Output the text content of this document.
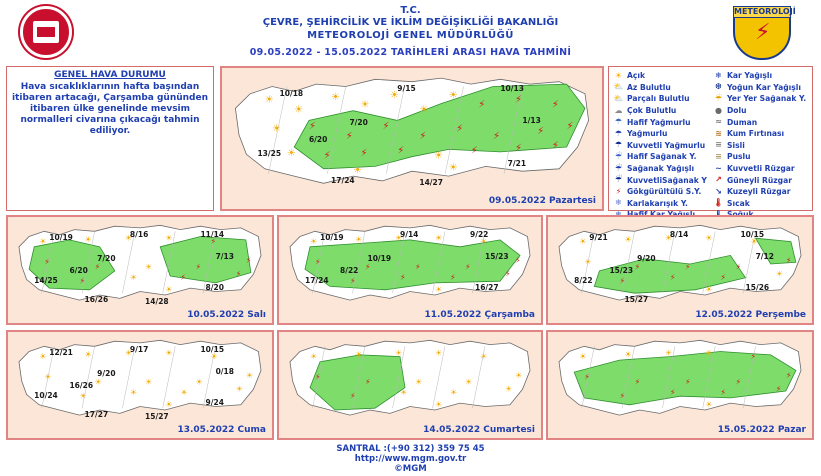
T.C.
ÇEVRE, ŞEHİRCİLİK VE İKLİM DEĞİŞİKLİĞİ BAKANLIĞI
METEOROLOJİ GENEL MÜDÜRLÜĞÜ
09.05.2022 - 15.05.2022 TARİHLERİ ARASI HAVA TAHMİNİ
⚡
METEOROLOJİ
GENEL HAVA DURUMU
Hava sıcaklıklarının hafta başından itibaren artacağı, Çarşamba gününden itibaren ülke genelinde mevsim normalleri civarına çıkacağı tahmin ediliyor.
☀
☀
☀
☀
☀
☀
☀
⚡	⚡	⚡
☀	⚡
⚡
⚡
⚡
⚡
⚡	⚡ ⚡
☀	⚡	⚡	⚡	☀	⚡	⚡	⚡
☀	☀
09.05.2022 Pazartesi
10/18
9/15	10/13
7/20	1/13
6/20
13/25
7/21
17/24	14/27
☀ Açık
⛅ Az Bulutlu
⛅ Parçalı Bulutlu
☁ Çok Bulutlu
☂ Hafif Yağmurlu
☂ Yağmurlu
☂ Kuvvetli Yağmurlu
☔ Hafif Sağanak Y.
☔ Sağanak Yağışlı
☔ KuvvetliSağanak Y
⚡ Gökgürültülü S.Y.
❄ Karlakarışık Y.
❄ Kar Yağışlı
❆ Yoğun Kar Yağışlı
☔ Yer Yer Sağanak Y.
● Dolu
≈ Duman
≋ Kum Fırtınası
≡ Sisli
≡ Puslu
~ Kuvvetli Rüzgar
↗ Güneyli Rüzgar
↘ Kuzeyli Rüzgar
🌡 Sıcak
☀	☀	☀	☀	⚡
⚡
⚡	☀	⚡
⚡
⚡	☀	⚡	⚡
☀
10.05.2022 Salı
10/19	8/16	11/14
7/20	7/13
6/20
14/25
8/20
16/26	14/28
☀	☀	☀	☀	☀
⚡
⚡	⚡	⚡
⚡
⚡	⚡	⚡	⚡
☀
11.05.2022 Çarşamba
10/19	9/14	9/22
10/19	15/23
8/22
17/24
16/27
☀	☀	☀	☀	☀
☀
⚡	⚡	⚡
⚡
⚡	⚡	⚡	☀
☀
12.05.2022 Perşembe
9/21	8/14	10/15
9/20	7/12
15/23
8/22
15/26
15/27
☀	☀	☀	☀	☀
☀
☀	☀	☀
☀
☀	☀	☀	☀
☀
13.05.2022 Cuma
12/21	9/17	10/15
9/20	0/18
16/26
10/24
9/24
17/27	15/27
☀	☀	☀	☀	☀
⚡
⚡	☀	☀
☀
⚡	☀	☀	☀
☀
14.05.2022 Cumartesi
☀	☀	☀	☀	⚡
⚡
⚡	⚡	⚡
⚡
⚡	⚡	⚡	⚡
☀
15.05.2022 Pazar
SANTRAL :(+90 312) 359 75 45
http://www.mgm.gov.tr
©MGM
